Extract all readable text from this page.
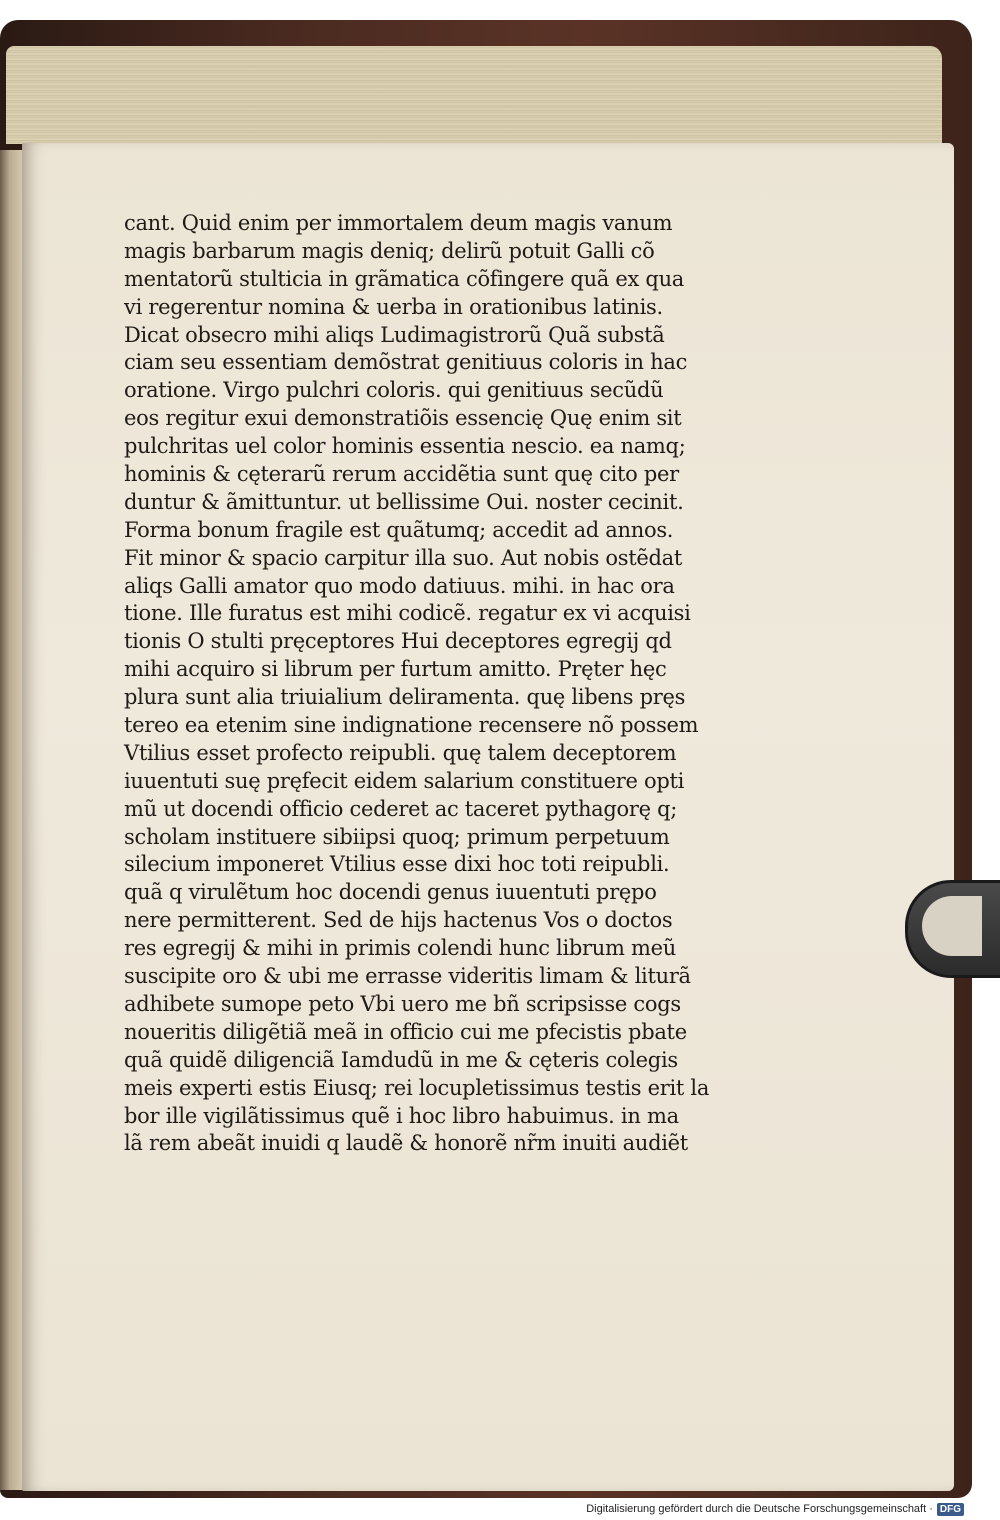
cant. Quid enim per immortalem deum magis vanum
magis barbarum magis deniq; delirũ potuit Galli cõ
mentatorũ stulticia in grãmatica cõfingere quã ex qua
vi regerentur nomina & uerba in orationibus latinis.
Dicat obsecro mihi aliqs Ludimagistrorũ Quã substã
ciam seu essentiam demõstrat genitiuus coloris in hac
oratione. Virgo pulchri coloris. qui genitiuus secũdũ
eos regitur exui demonstratiõis essencię Quę enim sit
pulchritas uel color hominis essentia nescio. ea namq;
hominis & cęterarũ rerum accidẽtia sunt quę cito per
duntur & ãmittuntur. ut bellissime Oui. noster cecinit.
Forma bonum fragile est quãtumq; accedit ad annos.
Fit minor & spacio carpitur illa suo. Aut nobis ostẽdat
aliqs Galli amator quo modo datiuus. mihi. in hac ora
tione. Ille furatus est mihi codicẽ. regatur ex vi acquisi
tionis O stulti pręceptores Hui deceptores egregij qd
mihi acquiro si librum per furtum amitto. Pręter hęc
plura sunt alia triuialium deliramenta. quę libens pręs
tereo ea etenim sine indignatione recensere nõ possem
Vtilius esset profecto reipubli. quę talem deceptorem
iuuentuti suę pręfecit eidem salarium constituere opti
mũ ut docendi officio cederet ac taceret pythagorę q;
scholam instituere sibiipsi quoq; primum perpetuum
silecium imponeret Vtilius esse dixi hoc toti reipubli.
quã q virulẽtum hoc docendi genus iuuentuti prępo
nere permitterent. Sed de hijs hactenus Vos o doctos
res egregij & mihi in primis colendi hunc librum meũ
suscipite oro & ubi me errasse videritis limam & liturã
adhibete sumope peto Vbi uero me bñ scripsisse cogs
noueritis diligẽtiã meã in officio cui me pfecistis pbate
quã quidẽ diligenciã Iamdudũ in me & cęteris colegis
meis experti estis Eiusq; rei locupletissimus testis erit la
bor ille vigilãtissimus quẽ i hoc libro habuimus. in ma
lã rem abeãt inuidi q laudẽ & honorẽ nr̃m inuiti audiẽt
Digitalisierung gefördert durch die Deutsche Forschungsgemeinschaft · DFG
